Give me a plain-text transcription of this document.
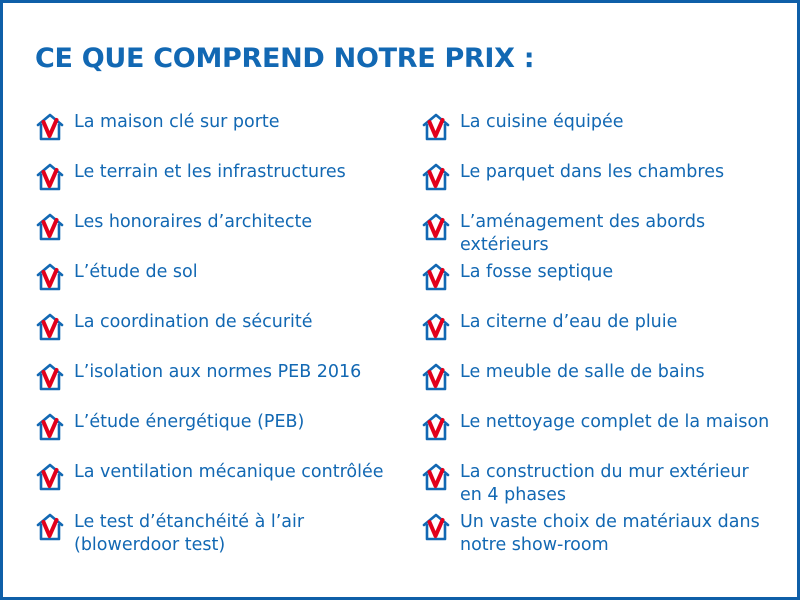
CE QUE COMPREND NOTRE PRIX :
La maison clé sur porte
Le terrain et les infrastructures
Les honoraires d’architecte
L’étude de sol
La coordination de sécurité
L’isolation aux normes PEB 2016
L’étude énergétique (PEB)
La ventilation mécanique contrôlée
Le test d’étanchéité à l’air
(blowerdoor test)
La cuisine équipée
Le parquet dans les chambres
L’aménagement des abords extérieurs
La fosse septique
La citerne d’eau de pluie
Le meuble de salle de bains
Le nettoyage complet de la maison
La construction du mur extérieur
en 4 phases
Un vaste choix de matériaux dans
notre show-room
